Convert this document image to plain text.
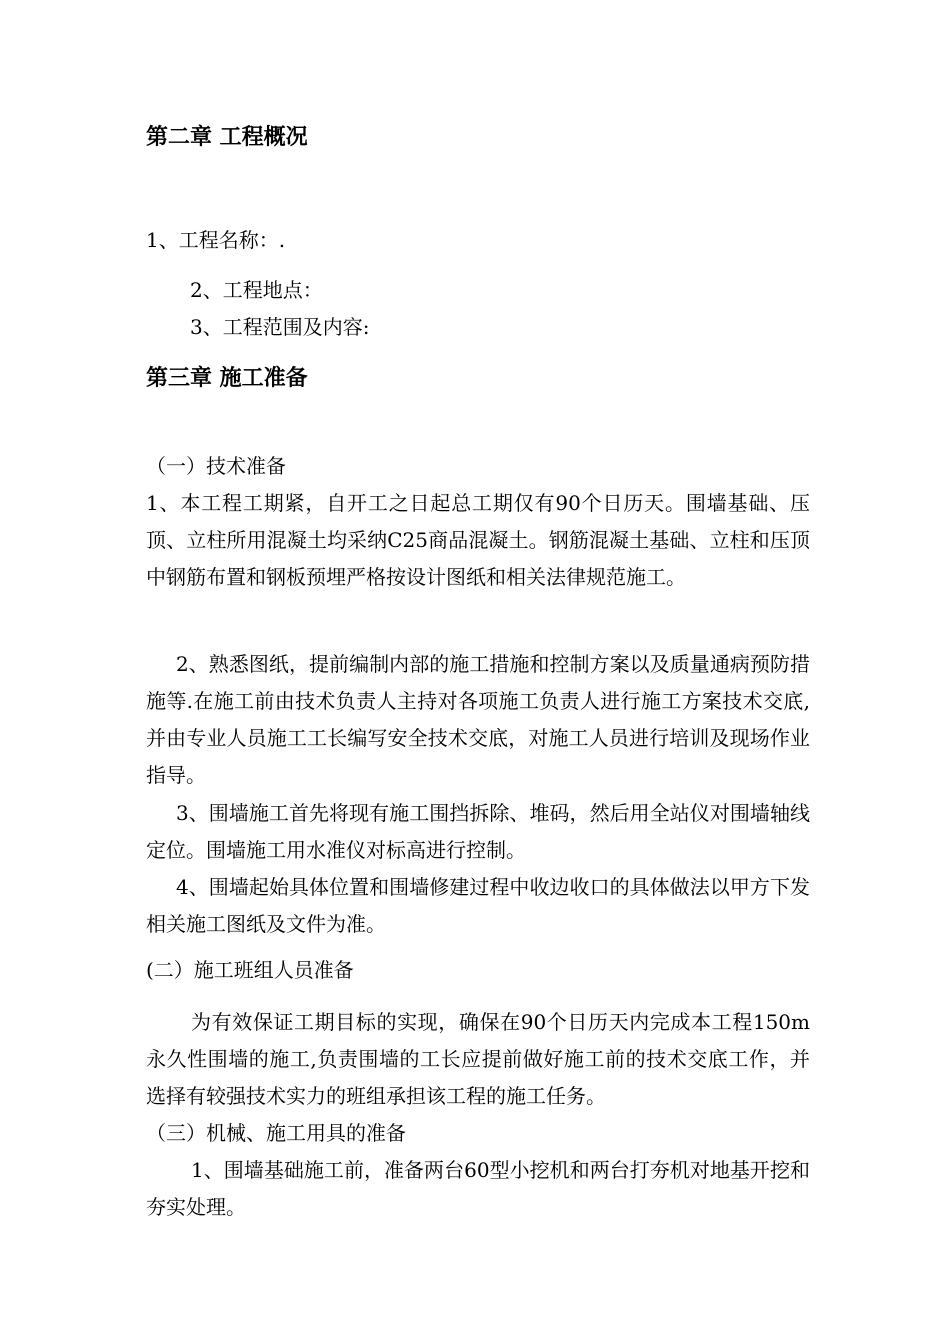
第二章 工程概况
1、工程名称：.
2、工程地点：
3、工程范围及内容:
第三章 施工准备
（一）技术准备
1、本工程工期紧，自开工之日起总工期仅有90个日历天。围墙基础、压顶、立柱所用混凝土均采纳C25商品混凝土。钢筋混凝土基础、立柱和压顶中钢筋布置和钢板预埋严格按设计图纸和相关法律规范施工。
2、熟悉图纸，提前编制内部的施工措施和控制方案以及质量通病预防措施等.在施工前由技术负责人主持对各项施工负责人进行施工方案技术交底,并由专业人员施工工长编写安全技术交底，对施工人员进行培训及现场作业指导。
3、围墙施工首先将现有施工围挡拆除、堆码，然后用全站仪对围墙轴线定位。围墙施工用水准仪对标高进行控制。
4、围墙起始具体位置和围墙修建过程中收边收口的具体做法以甲方下发相关施工图纸及文件为准。
(二）施工班组人员准备
为有效保证工期目标的实现，确保在90个日历天内完成本工程150m永久性围墙的施工,负责围墙的工长应提前做好施工前的技术交底工作，并选择有较强技术实力的班组承担该工程的施工任务。
（三）机械、施工用具的准备
1、围墙基础施工前，准备两台60型小挖机和两台打夯机对地基开挖和夯实处理。
